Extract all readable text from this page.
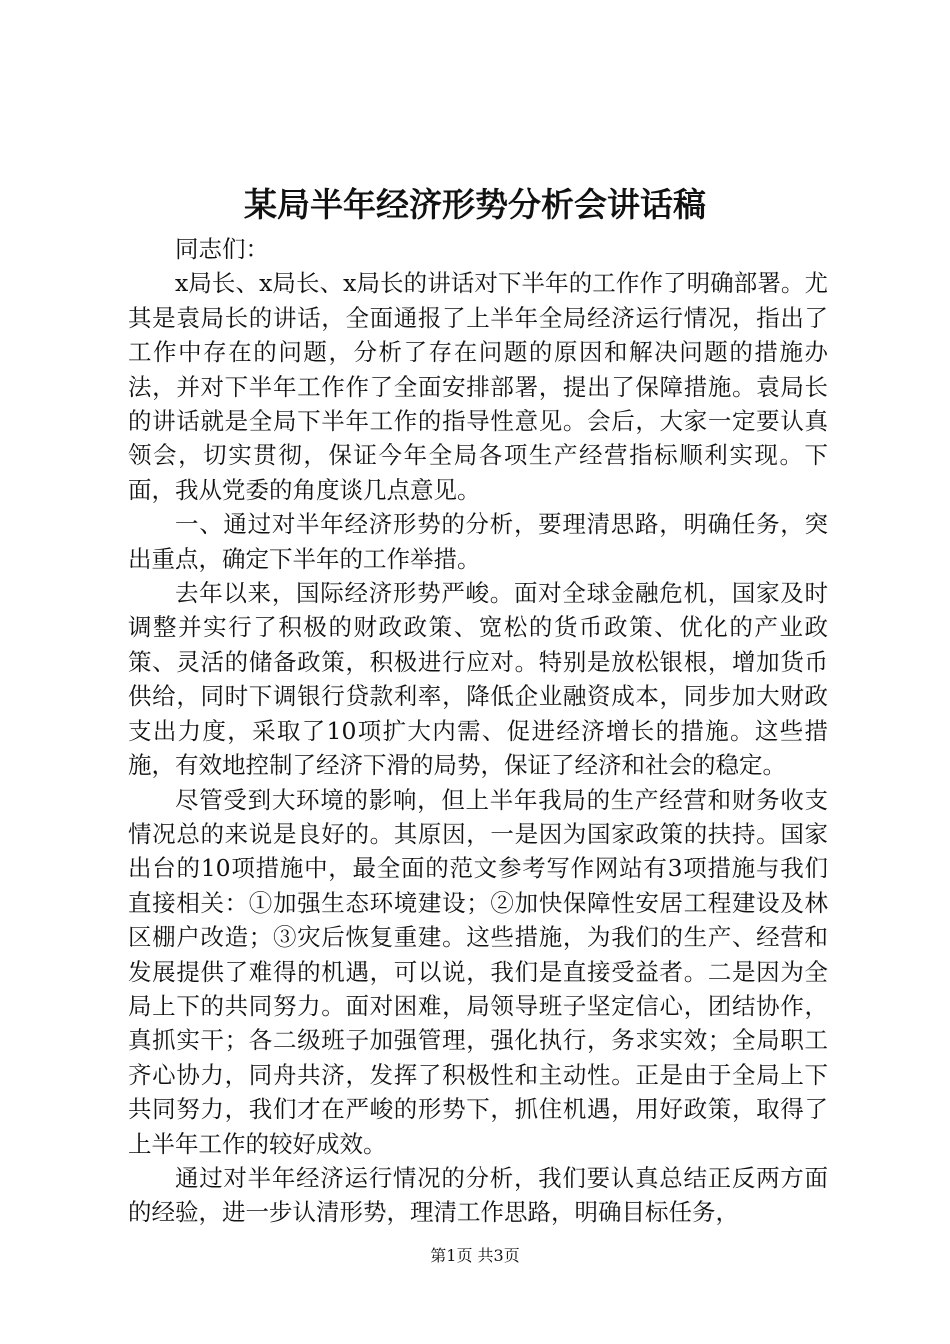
某局半年经济形势分析会讲话稿

同志们：

x局长、x局长、x局长的讲话对下半年的工作作了明确部署。尤其是袁局长的讲话，全面通报了上半年全局经济运行情况，指出了工作中存在的问题，分析了存在问题的原因和解决问题的措施办法，并对下半年工作作了全面安排部署，提出了保障措施。袁局长的讲话就是全局下半年工作的指导性意见。会后，大家一定要认真领会，切实贯彻，保证今年全局各项生产经营指标顺利实现。下面，我从党委的角度谈几点意见。

一、通过对半年经济形势的分析，要理清思路，明确任务，突出重点，确定下半年的工作举措。

去年以来，国际经济形势严峻。面对全球金融危机，国家及时调整并实行了积极的财政政策、宽松的货币政策、优化的产业政策、灵活的储备政策，积极进行应对。特别是放松银根，增加货币供给，同时下调银行贷款利率，降低企业融资成本，同步加大财政支出力度，采取了10项扩大内需、促进经济增长的措施。这些措施，有效地控制了经济下滑的局势，保证了经济和社会的稳定。

尽管受到大环境的影响，但上半年我局的生产经营和财务收支情况总的来说是良好的。其原因，一是因为国家政策的扶持。国家出台的10项措施中，最全面的范文参考写作网站有3项措施与我们直接相关：①加强生态环境建设；②加快保障性安居工程建设及林区棚户改造；③灾后恢复重建。这些措施，为我们的生产、经营和发展提供了难得的机遇，可以说，我们是直接受益者。二是因为全局上下的共同努力。面对困难，局领导班子坚定信心，团结协作，真抓实干；各二级班子加强管理，强化执行，务求实效；全局职工齐心协力，同舟共济，发挥了积极性和主动性。正是由于全局上下共同努力，我们才在严峻的形势下，抓住机遇，用好政策，取得了上半年工作的较好成效。

通过对半年经济运行情况的分析，我们要认真总结正反两方面的经验，进一步认清形势，理清工作思路，明确目标任务，

第1页 共3页
